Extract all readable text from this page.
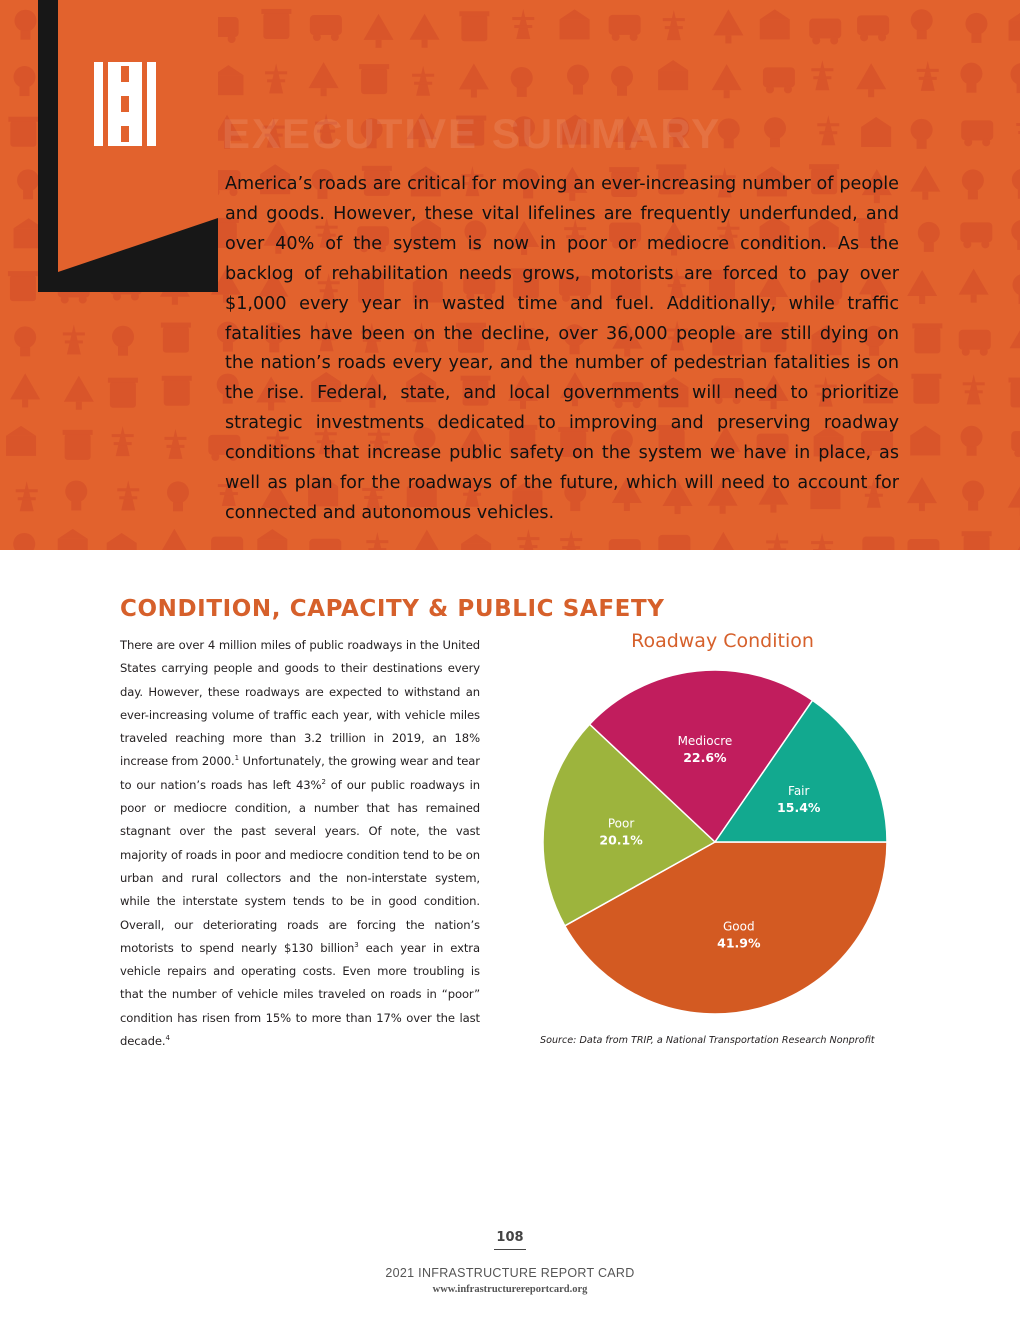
EXECUTIVE SUMMARY

America’s roads are critical for moving an ever-increasing number of people and goods. However, these vital lifelines are frequently underfunded, and over 40% of the system is now in poor or mediocre condition. As the backlog of rehabilitation needs grows, motorists are forced to pay over $1,000 every year in wasted time and fuel. Additionally, while traffic fatalities have been on the decline, over 36,000 people are still dying on the nation’s roads every year, and the number of pedestrian fatalities is on the rise. Federal, state, and local governments will need to prioritize strategic investments dedicated to improving and preserving roadway conditions that increase public safety on the system we have in place, as well as plan for the roadways of the future, which will need to account for connected and autonomous vehicles.

CONDITION, CAPACITY & PUBLIC SAFETY

There are over 4 million miles of public roadways in the United States carrying people and goods to their destinations every day. However, these roadways are expected to withstand an ever-increasing volume of traffic each year, with vehicle miles traveled reaching more than 3.2 trillion in 2019, an 18% increase from 2000.$^1$ Unfortunately, the growing wear and tear to our nation’s roads has left 43%$^2$ of our public roadways in poor or mediocre condition, a number that has remained stagnant over the past several years. Of note, the vast majority of roads in poor and mediocre condition tend to be on urban and rural collectors and the non-interstate system, while the interstate system tends to be in good condition. Overall, our deteriorating roads are forcing the nation’s motorists to spend nearly $130 billion$^3$ each year in extra vehicle repairs and operating costs. Even more troubling is that the number of vehicle miles traveled on roads in “poor” condition has risen from 15% to more than 17% over the last decade.$^4$

Roadway Condition
Good
41.9%
Poor
20.1%
Mediocre
22.6%
Fair
15.4%

Source: Data from TRIP, a National Transportation Research Nonprofit

108
2021 INFRASTRUCTURE REPORT CARD
www.infrastructurereportcard.org
